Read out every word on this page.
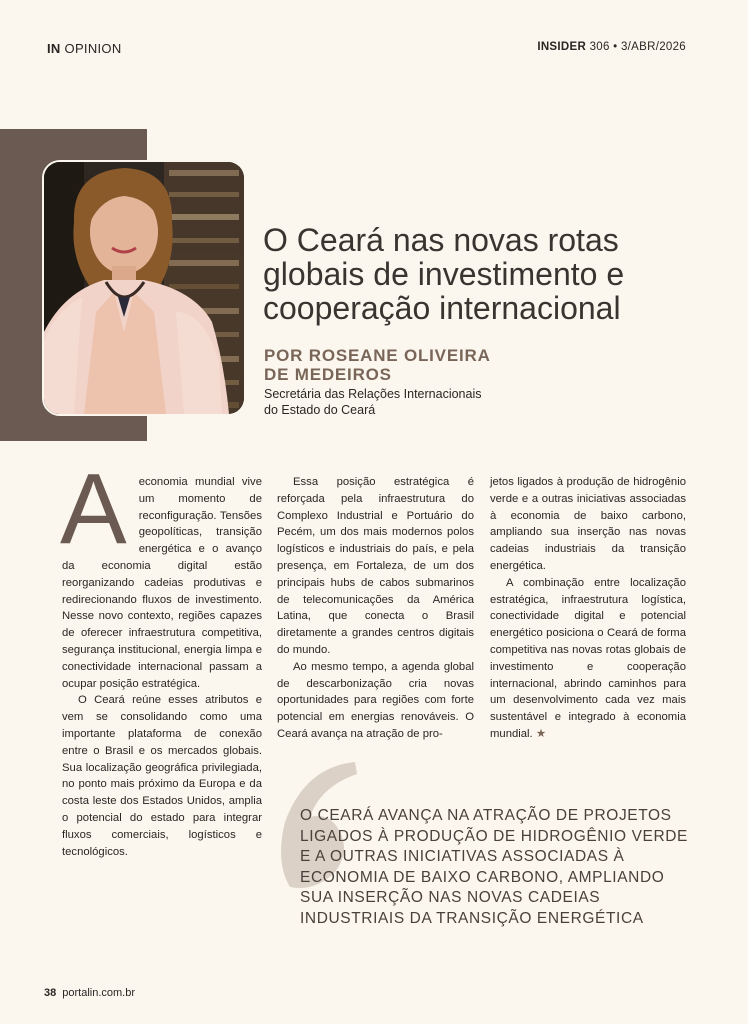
IN OPINION	INSIDER 306 • 3/ABR/2026
O Ceará nas novas rotas globais de investimento e cooperação internacional
POR ROSEANE OLIVEIRA
DE MEDEIROS
Secretária das Relações Internacionais
do Estado do Ceará

A economia mundial vive um momento de reconfiguração. Tensões geopolíticas, transição energética e o avanço da economia digital estão reorganizando cadeias produtivas e redirecionando fluxos de investimento. Nesse novo contexto, regiões capazes de oferecer infraestrutura competitiva, segurança institucional, energia limpa e conectividade internacional passam a ocupar posição estratégica.

O Ceará reúne esses atributos e vem se consolidando como uma importante plataforma de conexão entre o Brasil e os mercados globais. Sua localização geográfica privilegiada, no ponto mais próximo da Europa e da costa leste dos Estados Unidos, amplia o potencial do estado para integrar fluxos comerciais, logísticos e tecnológicos.

Essa posição estratégica é reforçada pela infraestrutura do Complexo Industrial e Portuário do Pecém, um dos mais modernos polos logísticos e industriais do país, e pela presença, em Fortaleza, de um dos principais hubs de cabos submarinos de telecomunicações da América Latina, que conecta o Brasil diretamente a grandes centros digitais do mundo.

Ao mesmo tempo, a agenda global de descarbonização cria novas oportunidades para regiões com forte potencial em energias renováveis. O Ceará avança na atração de pro-

jetos ligados à produção de hidrogênio verde e a outras iniciativas associadas à economia de baixo carbono, ampliando sua inserção nas novas cadeias industriais da transição energética.

A combinação entre localização estratégica, infraestrutura logística, conectividade digital e potencial energético posiciona o Ceará de forma competitiva nas novas rotas globais de investimento e cooperação internacional, abrindo caminhos para um desenvolvimento cada vez mais sustentável e integrado à economia mundial. ★

O CEARÁ AVANÇA NA ATRAÇÃO DE PROJETOS LIGADOS À PRODUÇÃO DE HIDROGÊNIO VERDE E A OUTRAS INICIATIVAS ASSOCIADAS À ECONOMIA DE BAIXO CARBONO, AMPLIANDO SUA INSERÇÃO NAS NOVAS CADEIAS INDUSTRIAIS DA TRANSIÇÃO ENERGÉTICA
38 portalin.com.br
